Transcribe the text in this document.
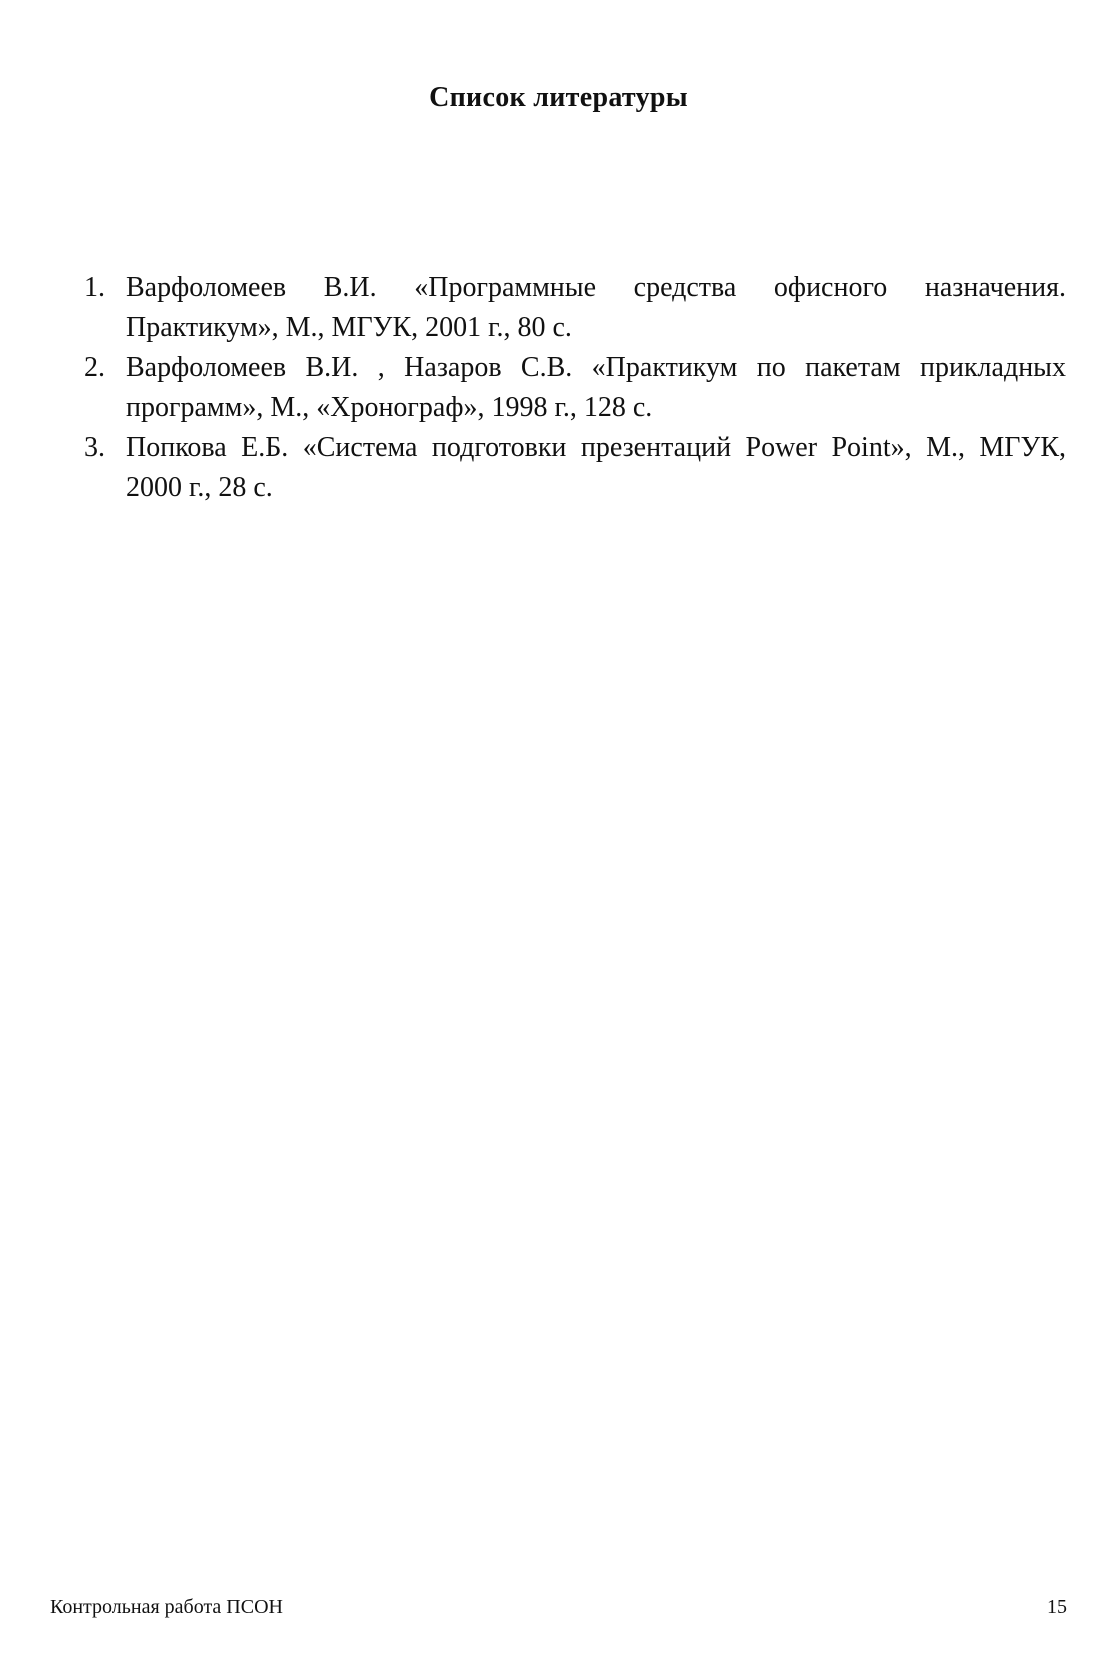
Список литературы
1. Варфоломеев В.И. «Программные средства офисного назначения. Практикум», М., МГУК, 2001 г., 80 с.
2. Варфоломеев В.И. , Назаров С.В. «Практикум по пакетам прикладных программ», М., «Хронограф», 1998 г., 128 с.
3. Попкова Е.Б. «Система подготовки презентаций Power Point», М., МГУК, 2000 г., 28 с.
Контрольная работа ПСОН	15
